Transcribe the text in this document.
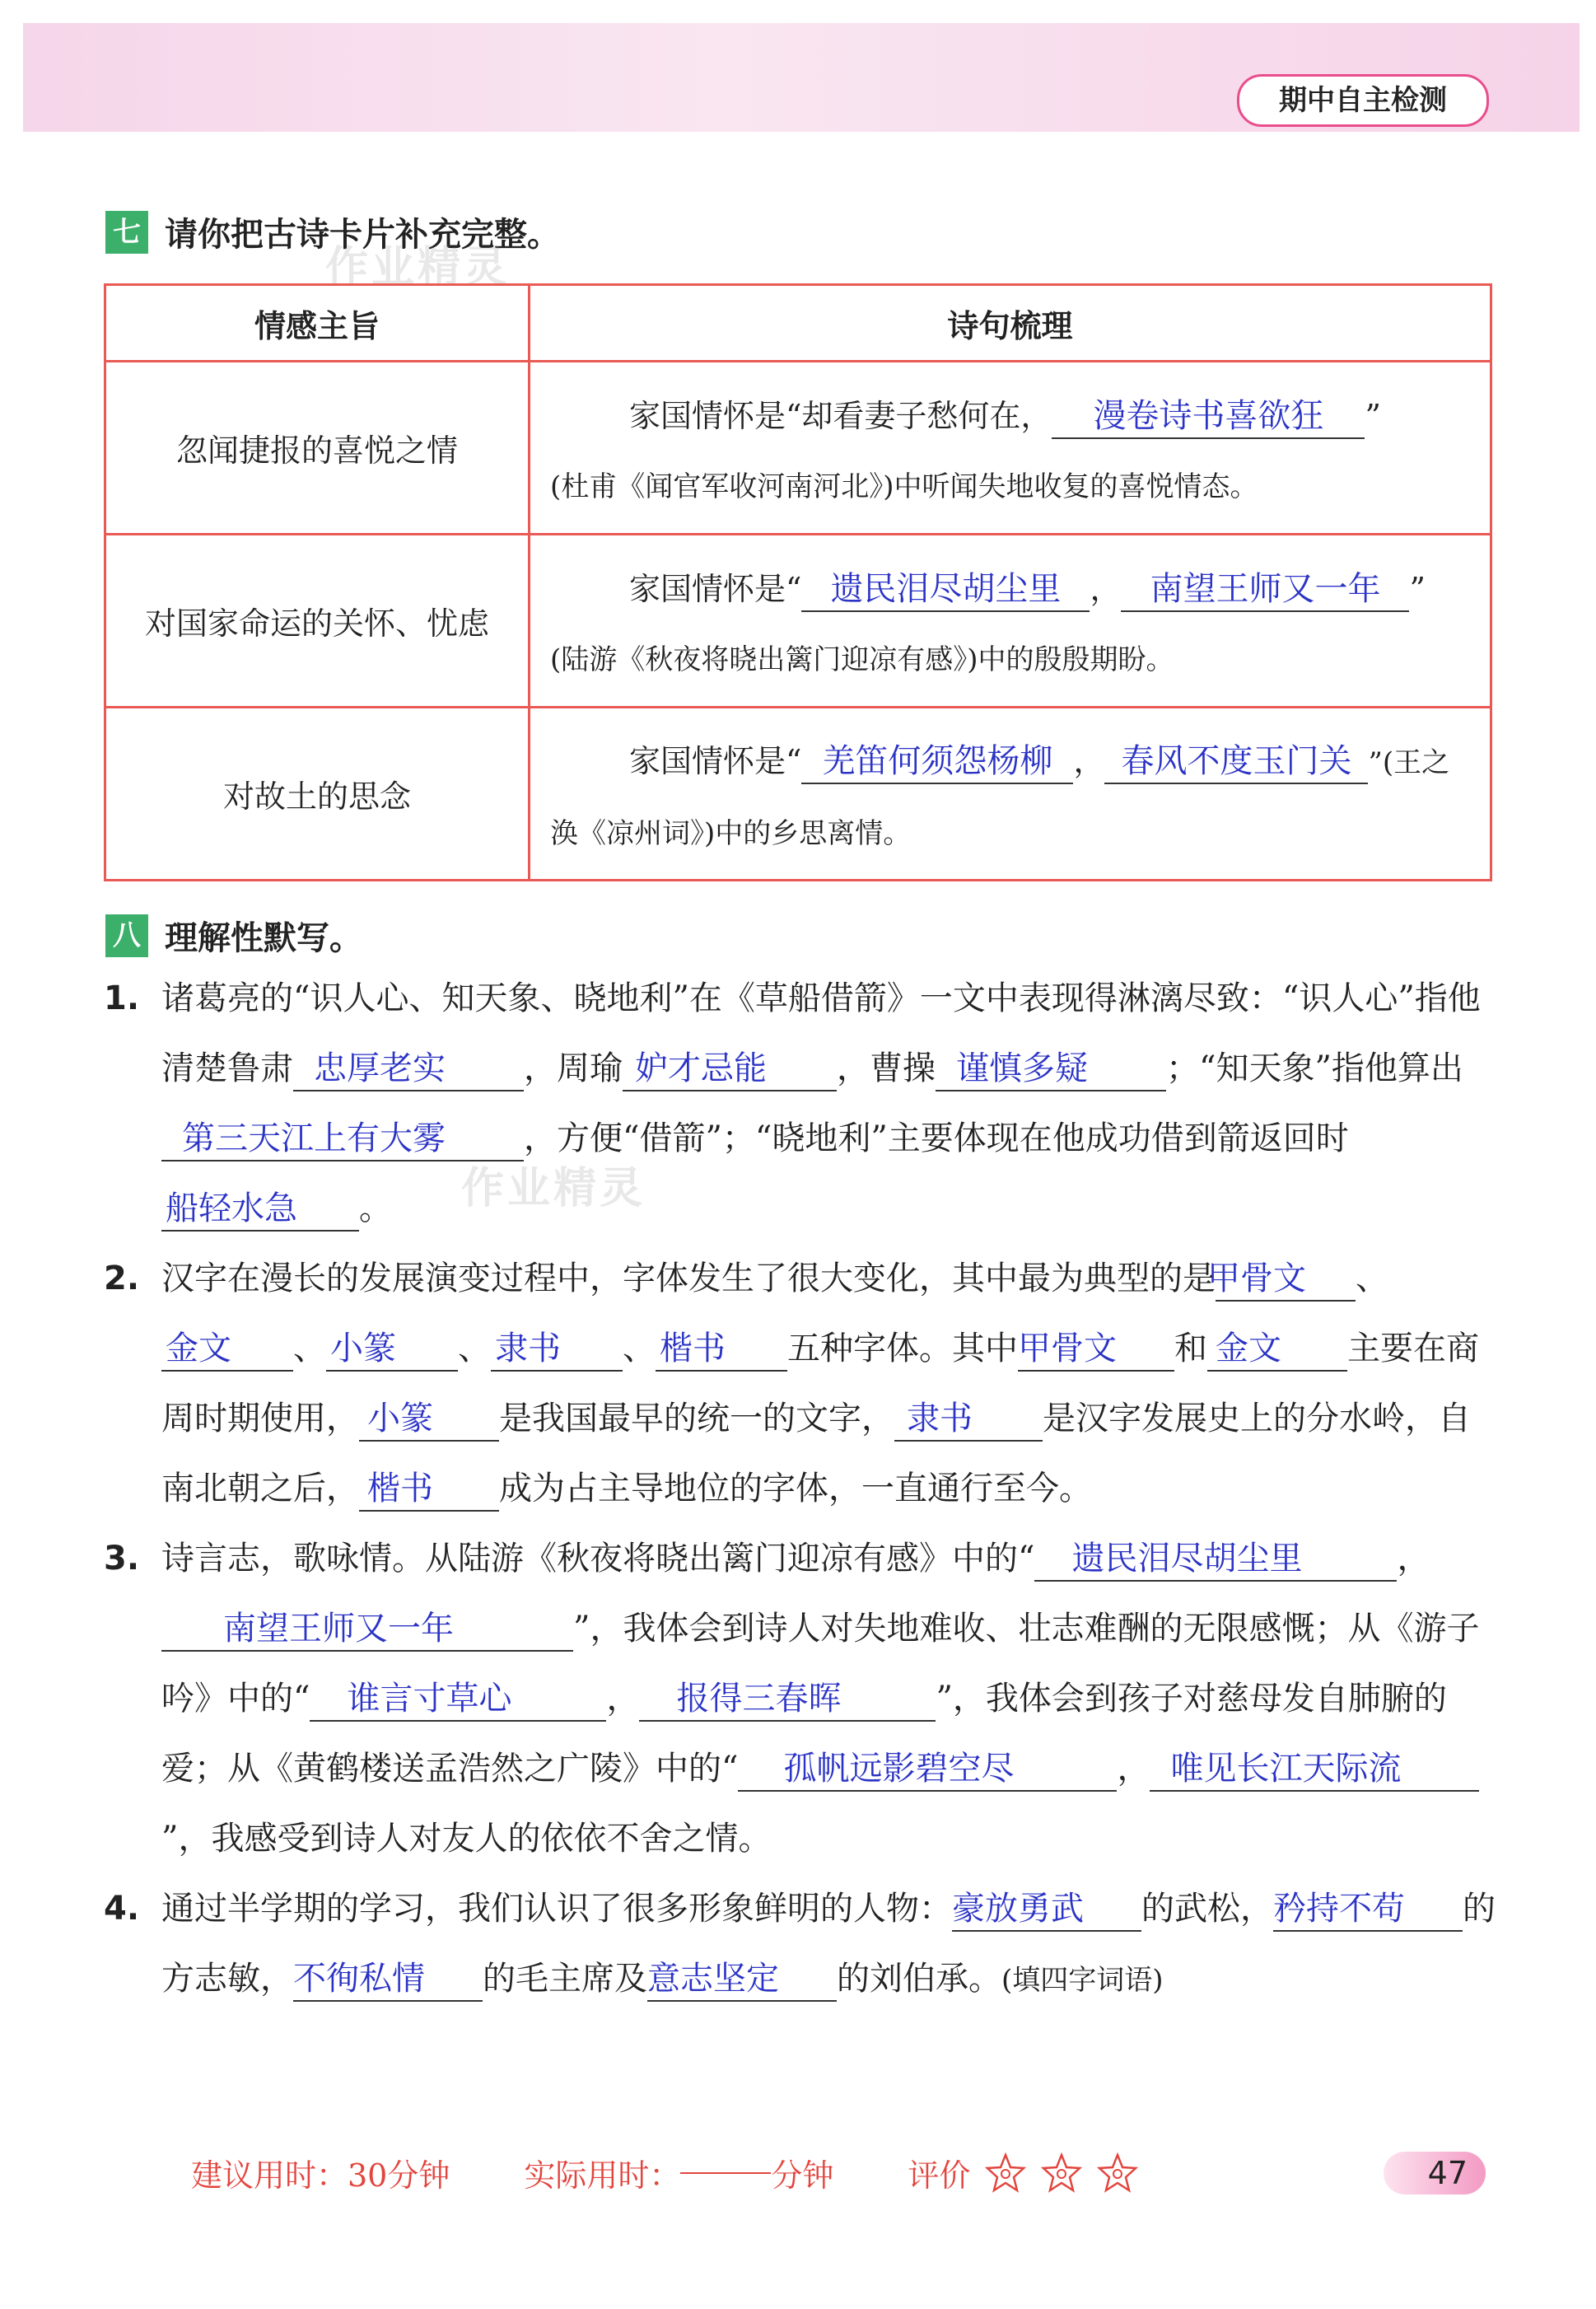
期中自主检测
七 请你把古诗卡片补充完整。
作业精灵
情感主旨	诗句梳理
忽闻捷报的喜悦之情	家国情怀是“却看妻子愁何在， 漫卷诗书喜欲狂 ”
(杜甫《闻官军收河南河北》)中听闻失地收复的喜悦情态。
对国家命运的关怀、忧虑	家国情怀是“ 遗民泪尽胡尘里 ， 南望王师又一年 ”
(陆游《秋夜将晓出篱门迎凉有感》)中的殷殷期盼。
对故土的思念	家国情怀是“ 羌笛何须怨杨柳 ， 春风不度玉门关 ”(王之
涣《凉州词》)中的乡思离情。
八 理解性默写。
作业精灵

1. 诸葛亮的“识人心、知天象、晓地利”在《草船借箭》一文中表现得淋漓尽致：“识人心”指他清楚鲁肃 忠厚老实 ，周瑜 妒才忌能 ，曹操 谨慎多疑 ；“知天象”指他算出第三天江上有大雾 ，方便“借箭”；“晓地利”主要体现在他成功借到箭返回时船轻水急 。

2. 汉字在漫长的发展演变过程中，字体发生了很大变化，其中最为典型的是甲骨文 、金文 、 小篆 、 隶书 、 楷书 五种字体。其中甲骨文 和 金文 主要在商周时期使用， 小篆 是我国最早的统一的文字， 隶书 是汉字发展史上的分水岭，自南北朝之后， 楷书 成为占主导地位的字体，一直通行至今。

3. 诗言志，歌咏情。从陆游《秋夜将晓出篱门迎凉有感》中的“ 遗民泪尽胡尘里	，南望王师又一年	”，我体会到诗人对失地难收、壮志难酬的无限感慨；从《游子吟》中的“ 谁言寸草心	， 报得三春晖	”，我体会到孩子对慈母发自肺腑的爱；从《黄鹤楼送孟浩然之广陵》中的“ 孤帆远影碧空尽	， 唯见长江天际流”，我感受到诗人对友人的依依不舍之情。

4. 通过半学期的学习，我们认识了很多形象鲜明的人物：豪放勇武 的武松，矜持不苟 的方志敏，不徇私情 的毛主席及意志坚定 的刘伯承。(填四字词语)

建议用时：30分钟 实际用时：	分钟 评价	47
